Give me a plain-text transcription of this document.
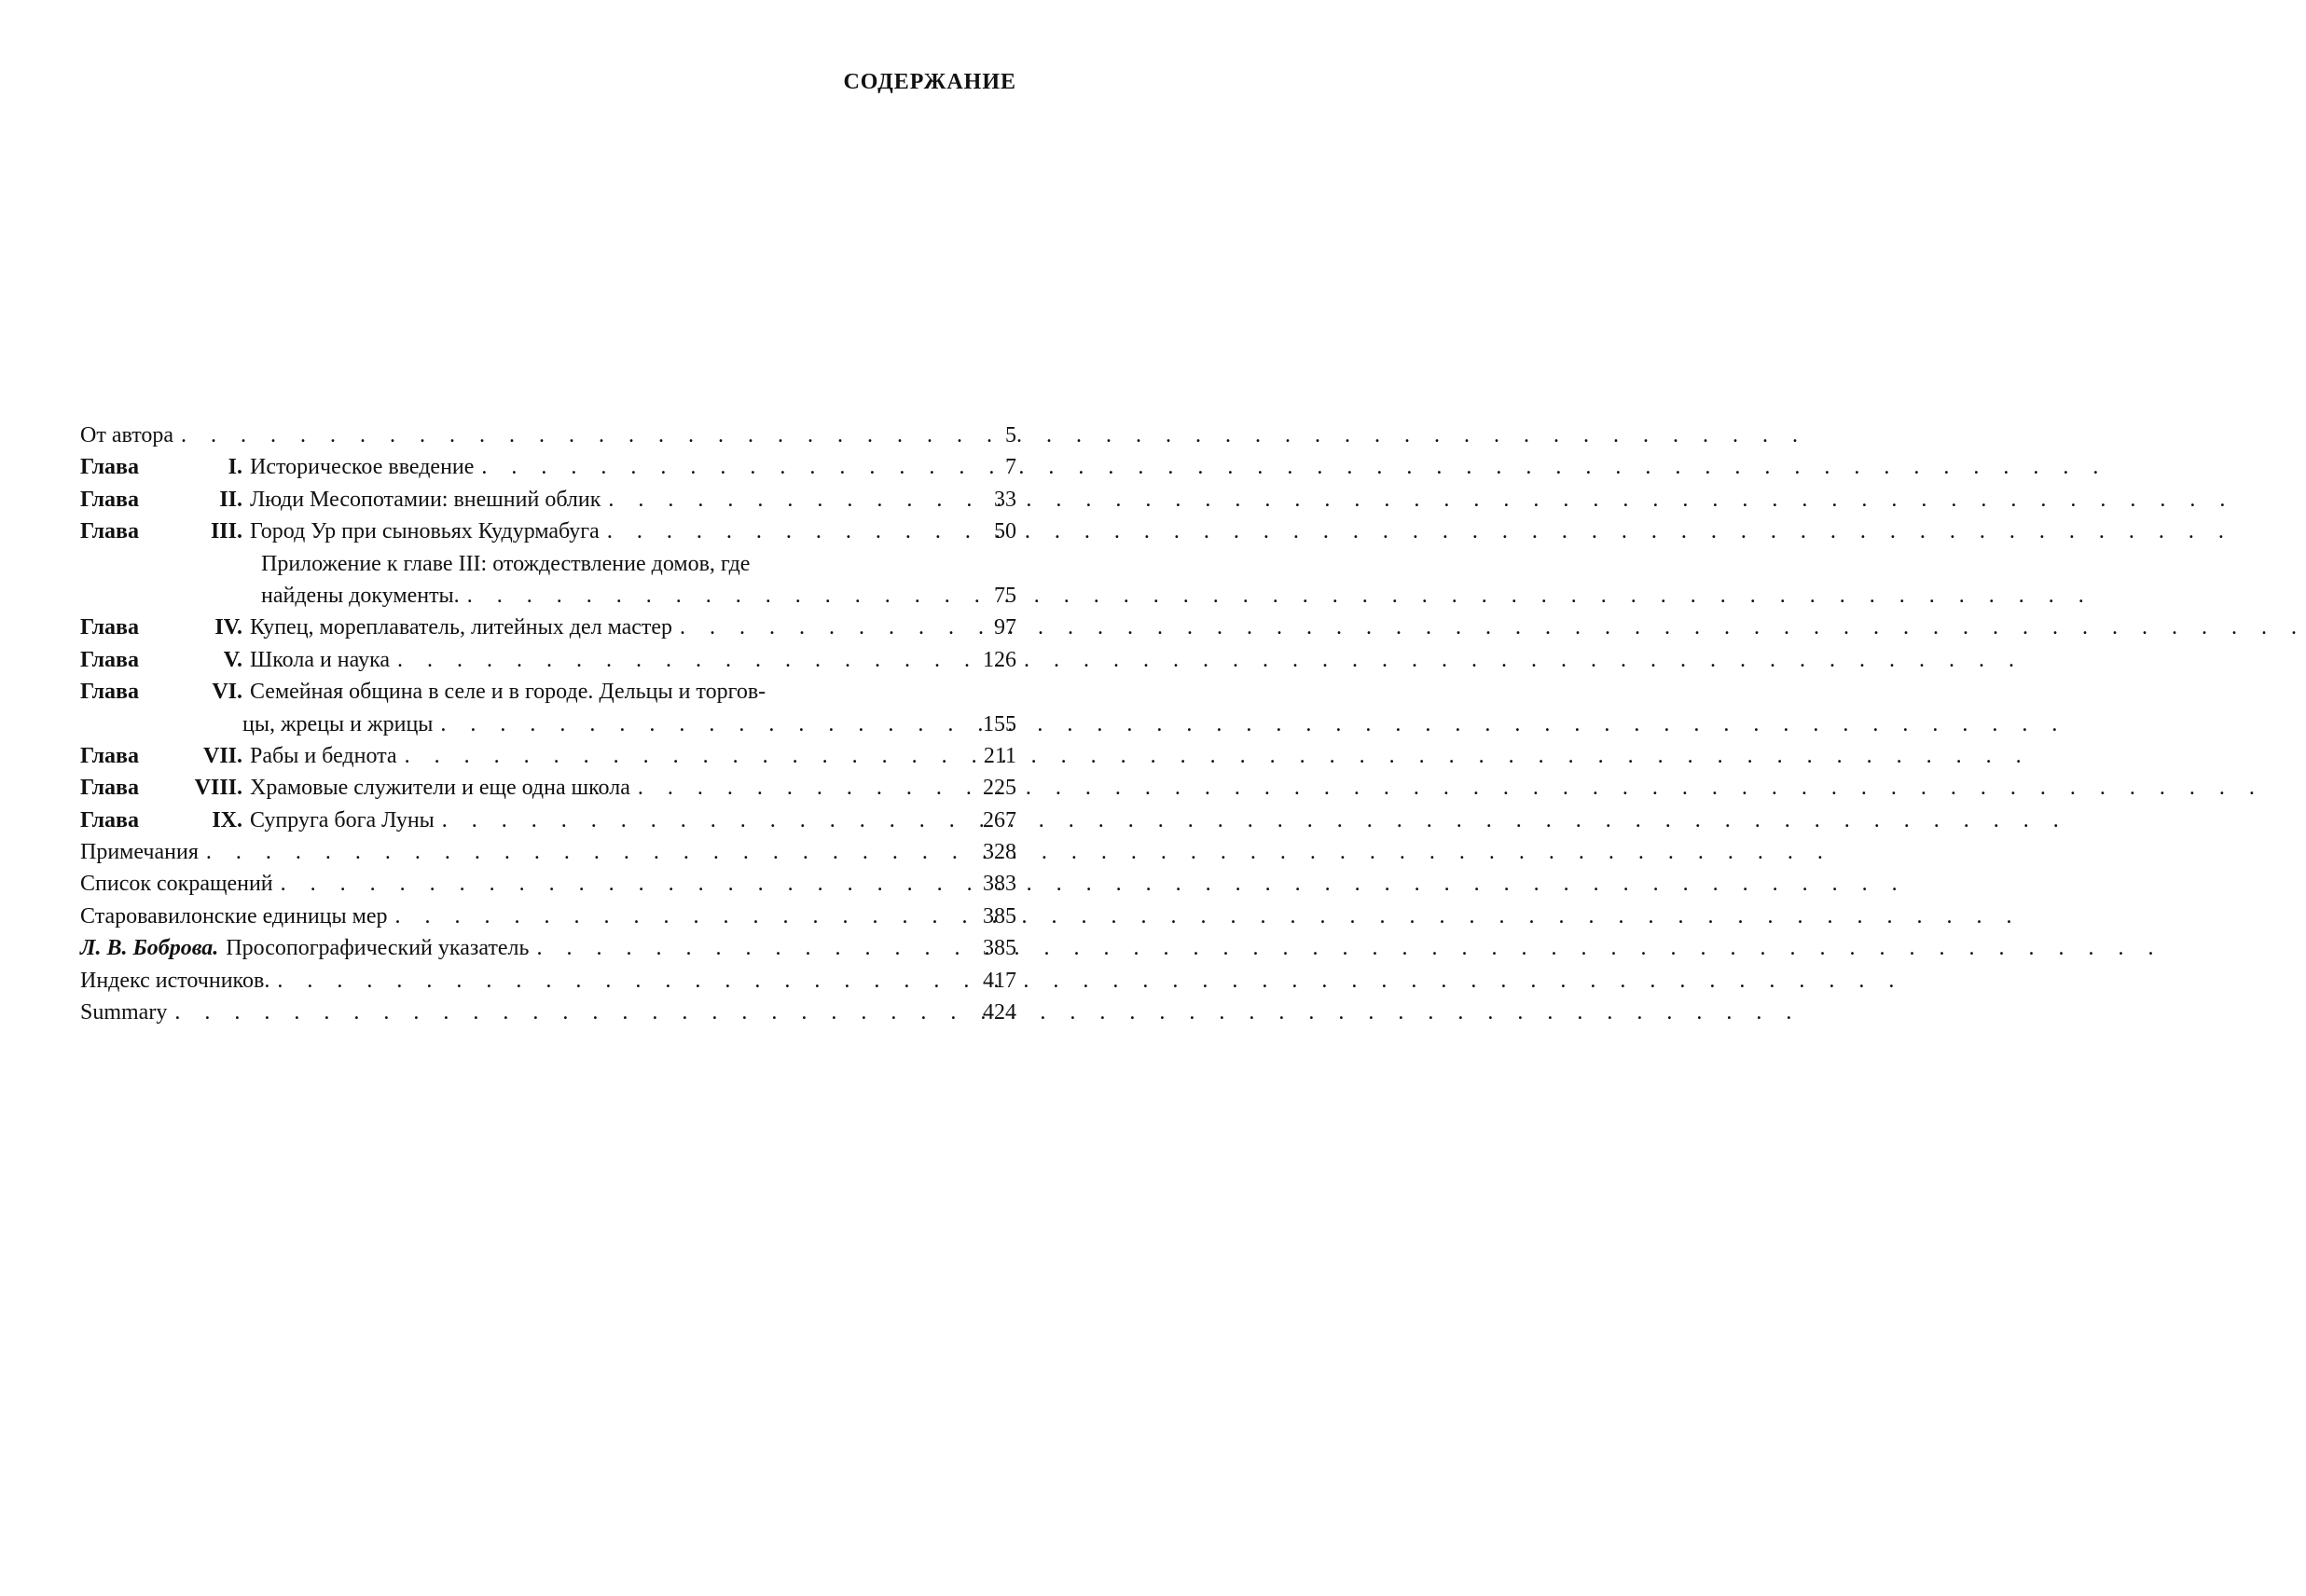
СОДЕРЖАНИЕ
От автора . . .	5
Глава	I. Историческое введение . . .	7
Глава	II. Люди Месопотамии: внешний облик . . .	33
Глава	III. Город Ур при сыновьях Кудурмабуга . . .	50
Приложение к главе III: отождествление домов, где
найдены документы. . . .	75
Глава	IV. Купец, мореплаватель, литейных дел мастер . . .	97
Глава	V. Школа и наука . . .	126
Глава	VI. Семейная община в селе и в городе. Дельцы и торгов-
цы, жрецы и жрицы . . .	155
Глава	VII. Рабы и беднота . . .	211
Глава	VIII. Храмовые служители и еще одна школа . . .	225
Глава	IX. Супруга бога Луны . . .	267
Примечания . . .	328
Список сокращений . . .	383
Старовавилонские единицы мер . . .	385
Л. В. Боброва. Просопографический указатель . . .	385
Индекс источников. . . .	417
Summary . . .	424
